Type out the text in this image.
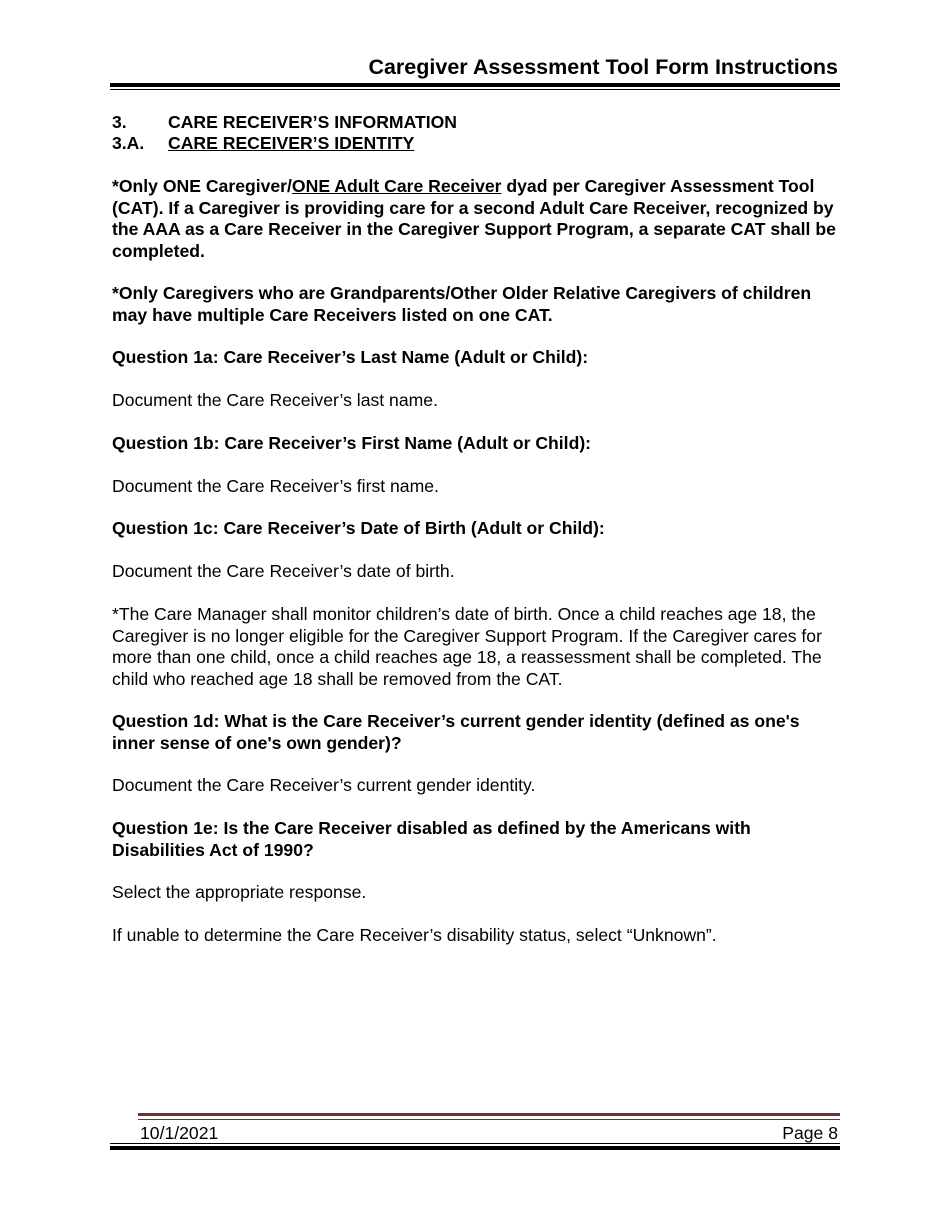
Caregiver Assessment Tool Form Instructions
3. CARE RECEIVER’S INFORMATION
3.A. CARE RECEIVER’S IDENTITY
*Only ONE Caregiver/ONE Adult Care Receiver dyad per Caregiver Assessment Tool (CAT). If a Caregiver is providing care for a second Adult Care Receiver, recognized by the AAA as a Care Receiver in the Caregiver Support Program, a separate CAT shall be completed.
*Only Caregivers who are Grandparents/Other Older Relative Caregivers of children may have multiple Care Receivers listed on one CAT.
Question 1a: Care Receiver’s Last Name (Adult or Child):
Document the Care Receiver’s last name.
Question 1b: Care Receiver’s First Name (Adult or Child):
Document the Care Receiver’s first name.
Question 1c: Care Receiver’s Date of Birth (Adult or Child):
Document the Care Receiver’s date of birth.
*The Care Manager shall monitor children’s date of birth. Once a child reaches age 18, the Caregiver is no longer eligible for the Caregiver Support Program. If the Caregiver cares for more than one child, once a child reaches age 18, a reassessment shall be completed. The child who reached age 18 shall be removed from the CAT.
Question 1d: What is the Care Receiver’s current gender identity (defined as one's inner sense of one's own gender)?
Document the Care Receiver’s current gender identity.
Question 1e: Is the Care Receiver disabled as defined by the Americans with Disabilities Act of 1990?
Select the appropriate response.
If unable to determine the Care Receiver’s disability status, select “Unknown”.
10/1/2021	Page 8
